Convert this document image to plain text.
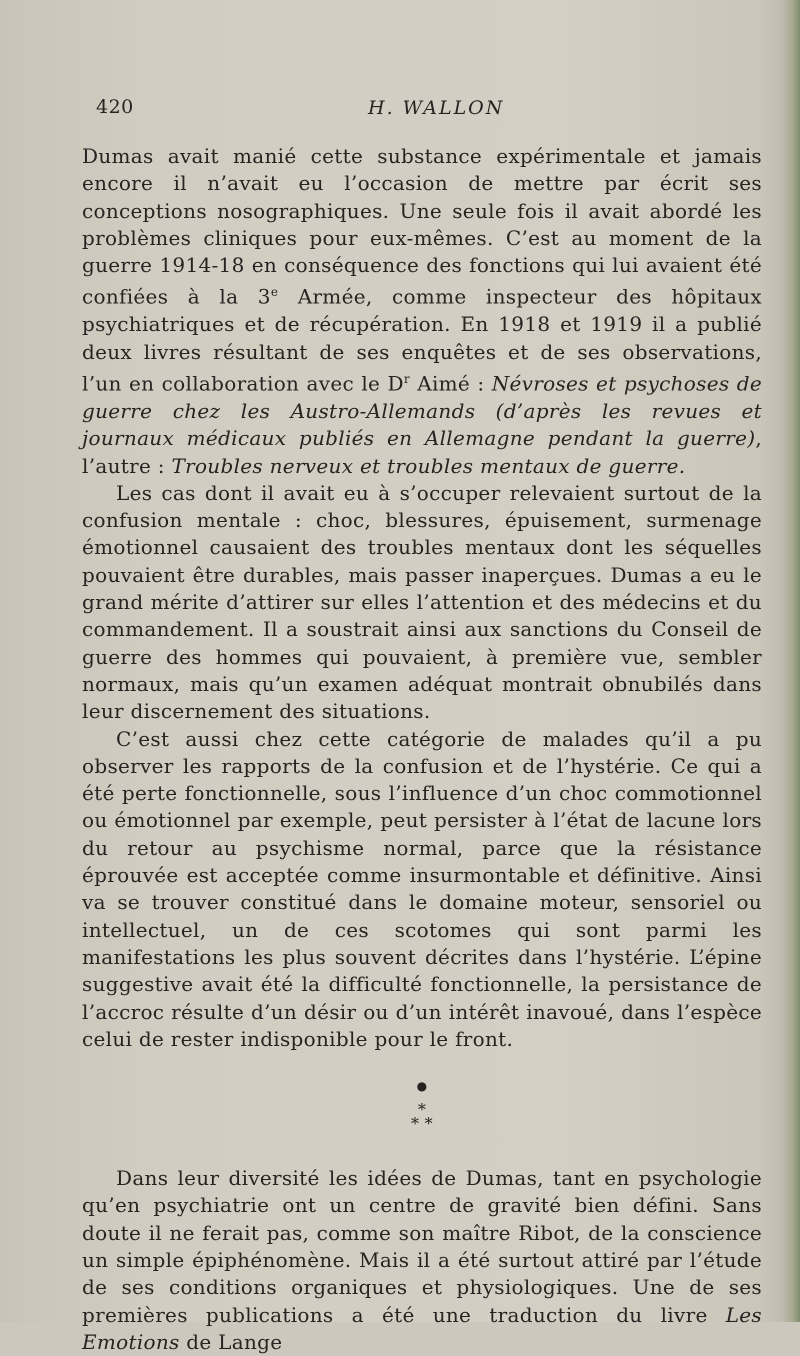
420	H. WALLON

Dumas avait manié cette substance expérimentale et jamais encore il n’avait eu l’occasion de mettre par écrit ses conceptions nosographiques. Une seule fois il avait abordé les problèmes cliniques pour eux-mêmes. C’est au moment de la guerre 1914-18 en conséquence des fonctions qui lui avaient été confiées à la 3e Armée, comme inspecteur des hôpitaux psychiatriques et de récupération. En 1918 et 1919 il a publié deux livres résultant de ses enquêtes et de ses observations, l’un en collaboration avec le $D^r$ Aimé : Névroses et psychoses de guerre chez les Austro-Allemands (d’après les revues et journaux médicaux publiés en Allemagne pendant la guerre), l’autre : Troubles nerveux et troubles mentaux de guerre.

Les cas dont il avait eu à s’occuper relevaient surtout de la confusion mentale : choc, blessures, épuisement, surmenage émotionnel causaient des troubles mentaux dont les séquelles pouvaient être durables, mais passer inaperçues. Dumas a eu le grand mérite d’attirer sur elles l’attention et des médecins et du commandement. Il a soustrait ainsi aux sanctions du Conseil de guerre des hommes qui pouvaient, à première vue, sembler normaux, mais qu’un examen adéquat montrait obnubilés dans leur discernement des situations.

C’est aussi chez cette catégorie de malades qu’il a pu observer les rapports de la confusion et de l’hystérie. Ce qui a été perte fonctionnelle, sous l’influence d’un choc commotionnel ou émotionnel par exemple, peut persister à l’état de lacune lors du retour au psychisme normal, parce que la résistance éprouvée est acceptée comme insurmontable et définitive. Ainsi va se trouver constitué dans le domaine moteur, sensoriel ou intellectuel, un de ces scotomes qui sont parmi les manifestations les plus souvent décrites dans l’hystérie. L’épine suggestive avait été la difficulté fonctionnelle, la persistance de l’accroc résulte d’un désir ou d’un intérêt inavoué, dans l’espèce celui de rester indisponible pour le front.

●
*
* *

Dans leur diversité les idées de Dumas, tant en psychologie qu’en psychiatrie ont un centre de gravité bien défini. Sans doute il ne ferait pas, comme son maître Ribot, de la conscience un simple épiphénomène. Mais il a été surtout attiré par l’étude de ses conditions organiques et physiologiques. Une de ses premières publications a été une traduction du livre Les Emotions de Lange
